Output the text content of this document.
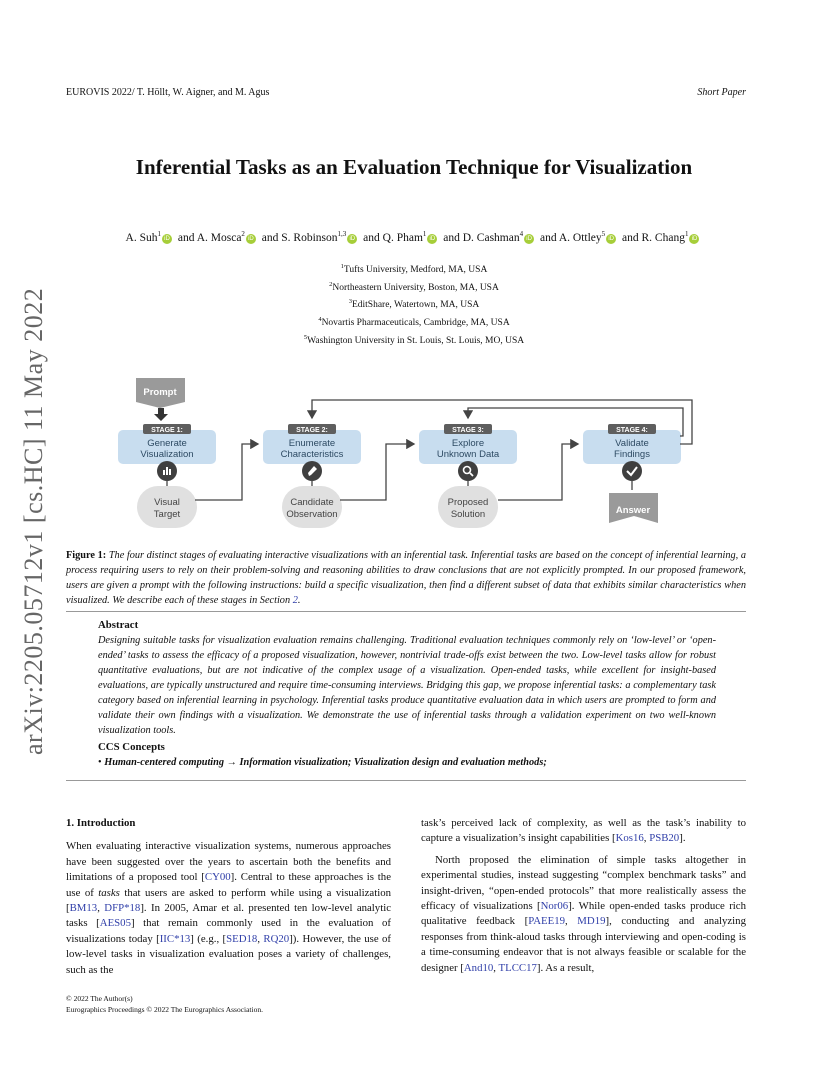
EUROVIS 2022/ T. Höllt, W. Aigner, and M. Agus	Short Paper
Inferential Tasks as an Evaluation Technique for Visualization
A. Suh$^1$iD and A. Mosca$^2$iD and S. Robinson$^{1,3}$iD and Q. Pham$^1$iD and D. Cashman$^4$iD and A. Ottley$^5$iD and R. Chang$^1$iD
$^1$Tufts University, Medford, MA, USA
$^2$Northeastern University, Boston, MA, USA
$^3$EditShare, Watertown, MA, USA
$^4$Novartis Pharmaceuticals, Cambridge, MA, USA
$^5$Washington University in St. Louis, St. Louis, MO, USA
arXiv:2205.05712v1 [cs.HC] 11 May 2022	Prompt
STAGE 1:
Generate
Visualization
Visual
Target
STAGE 2:
Enumerate
Characteristics
Candidate
Observation
STAGE 3:
Explore
Unknown Data
Proposed
Solution
STAGE 4:
Validate
Findings
Answer
Figure 1: The four distinct stages of evaluating interactive visualizations with an inferential task. Inferential tasks are based on the concept of inferential learning, a process requiring users to rely on their problem-solving and reasoning abilities to draw conclusions that are not explicitly prompted. In our proposed framework, users are given a prompt with the following instructions: build a specific visualization, then find a different subset of data that exhibits similar characteristics when visualized. We describe each of these stages in Section 2.
Abstract
Designing suitable tasks for visualization evaluation remains challenging. Traditional evaluation techniques commonly rely on ‘low-level’ or ‘open-ended’ tasks to assess the efficacy of a proposed visualization, however, nontrivial trade-offs exist between the two. Low-level tasks allow for robust quantitative evaluations, but are not indicative of the complex usage of a visualization. Open-ended tasks, while excellent for insight-based evaluations, are typically unstructured and require time-consuming interviews. Bridging this gap, we propose inferential tasks: a complementary task category based on inferential learning in psychology. Inferential tasks produce quantitative evaluation data in which users are prompted to form and validate their own findings with a visualization. We demonstrate the use of inferential tasks through a validation experiment on two well-known visualization tools.
CCS Concepts
• Human-centered computing → Information visualization; Visualization design and evaluation methods;
1. Introduction

When evaluating interactive visualization systems, numerous approaches have been suggested over the years to ascertain both the benefits and limitations of a proposed tool [CY00]. Central to these approaches is the use of tasks that users are asked to perform while using a visualization [BM13, DFP*18]. In 2005, Amar et al. presented ten low-level analytic tasks [AES05] that remain commonly used in the evaluation of visualizations today [IIC*13] (e.g., [SED18, RQ20]). However, the use of low-level tasks in visualization evaluation poses a variety of challenges, such as the

task’s perceived lack of complexity, as well as the task’s inability to capture a visualization’s insight capabilities [Kos16, PSB20].

North proposed the elimination of simple tasks altogether in experimental studies, instead suggesting “complex benchmark tasks” and insight-driven, “open-ended protocols” that more realistically assess the efficacy of visualizations [Nor06]. While open-ended tasks produce rich qualitative feedback [PAEE19, MD19], conducting and analyzing responses from think-aloud tasks through interviewing and open-coding is a time-consuming endeavor that is not always feasible or scalable for the designer [And10, TLCC17]. As a result,

© 2022 The Author(s)
Eurographics Proceedings © 2022 The Eurographics Association.
